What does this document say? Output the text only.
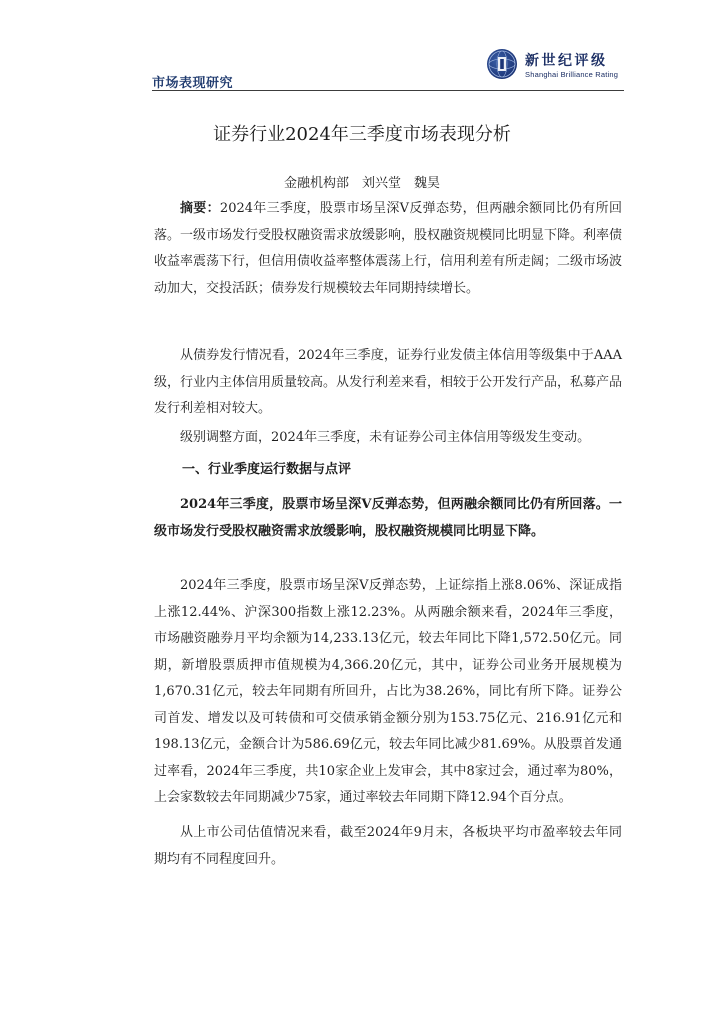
市场表现研究
新世纪评级
Shanghai Brilliance Rating
证券行业2024年三季度市场表现分析
金融机构部　刘兴堂　魏昊
摘要：2024年三季度，股票市场呈深V反弹态势，但两融余额同比仍有所回落。一级市场发行受股权融资需求放缓影响，股权融资规模同比明显下降。利率债收益率震荡下行，但信用债收益率整体震荡上行，信用利差有所走阔；二级市场波动加大，交投活跃；债券发行规模较去年同期持续增长。
从债券发行情况看，2024年三季度，证券行业发债主体信用等级集中于AAA级，行业内主体信用质量较高。从发行利差来看，相较于公开发行产品，私募产品发行利差相对较大。
级别调整方面，2024年三季度，未有证券公司主体信用等级发生变动。
一、行业季度运行数据与点评
2024年三季度，股票市场呈深V反弹态势，但两融余额同比仍有所回落。一级市场发行受股权融资需求放缓影响，股权融资规模同比明显下降。
2024年三季度，股票市场呈深V反弹态势，上证综指上涨8.06%、深证成指上涨12.44%、沪深300指数上涨12.23%。从两融余额来看，2024年三季度，市场融资融券月平均余额为14,233.13亿元，较去年同比下降1,572.50亿元。同期，新增股票质押市值规模为4,366.20亿元，其中，证券公司业务开展规模为1,670.31亿元，较去年同期有所回升，占比为38.26%，同比有所下降。证券公司首发、增发以及可转债和可交债承销金额分别为153.75亿元、216.91亿元和198.13亿元，金额合计为586.69亿元，较去年同比减少81.69%。从股票首发通过率看，2024年三季度，共10家企业上发审会，其中8家过会，通过率为80%，上会家数较去年同期减少75家，通过率较去年同期下降12.94个百分点。
从上市公司估值情况来看，截至2024年9月末，各板块平均市盈率较去年同期均有不同程度回升。
